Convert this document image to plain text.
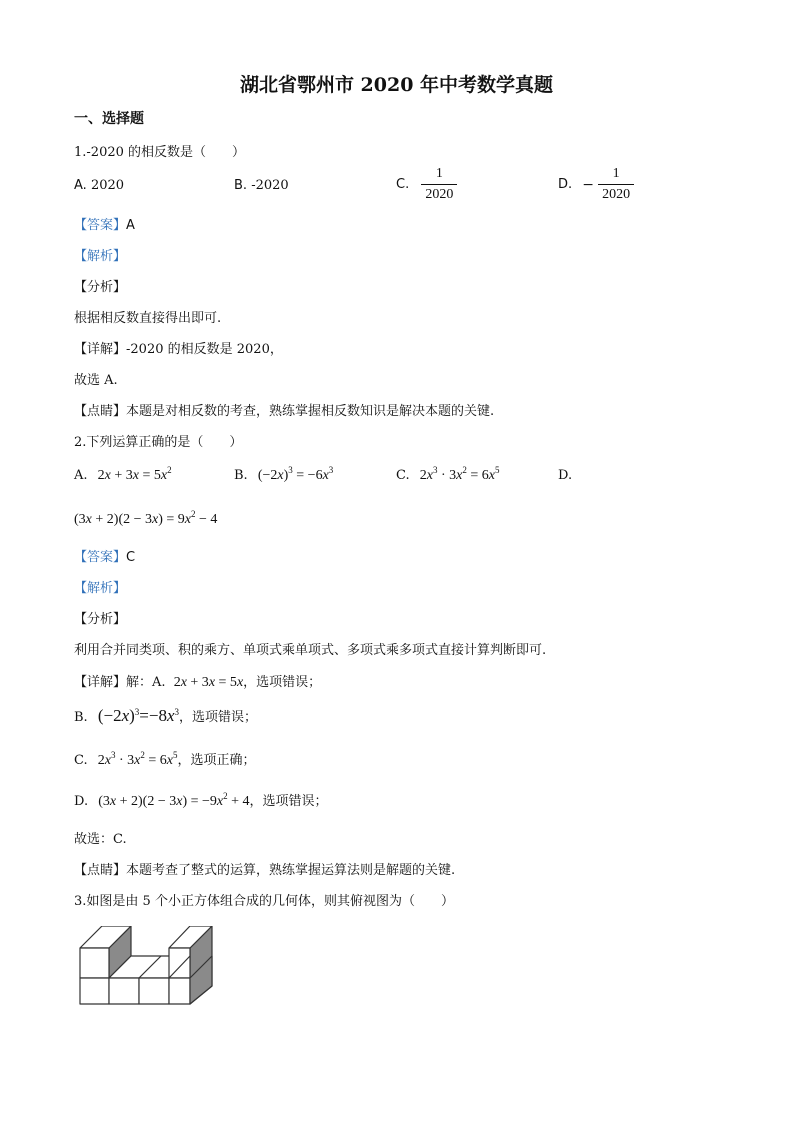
湖北省鄂州市 2020 年中考数学真题
一、选择题
1.-2020 的相反数是（　　）
A. 2020	B. -2020	C. $\frac{1}{2020}$	D. − $\frac{1}{2020}$
【答案】A
【解析】
【分析】
根据相反数直接得出即可.
【详解】-2020 的相反数是 2020，
故选 A.
【点睛】本题是对相反数的考查，熟练掌握相反数知识是解决本题的关键.
2.下列运算正确的是（　　）
A. $2x + 3x = 5x^2$	B. $(-2x)^3 = -6x^3$	C. $2x^3 \cdot 3x^2 = 6x^5$	D.
$(3x + 2)(2 - 3x) = 9x^2 - 4$
【答案】C
【解析】
【分析】
利用合并同类项、积的乘方、单项式乘单项式、多项式乘多项式直接计算判断即可.
【详解】解：A. 2x + 3x = 5x，选项错误；
B. $(-2x)^3=-8x^3$，选项错误；
C. $2x^3 \cdot 3x^2 = 6x^5$，选项正确；
D. $(3x + 2)(2 - 3x) = -9x^2 + 4$，选项错误；
故选：C.
【点睛】本题考查了整式的运算，熟练掌握运算法则是解题的关键.
3.如图是由 5 个小正方体组合成的几何体，则其俯视图为（　　）
